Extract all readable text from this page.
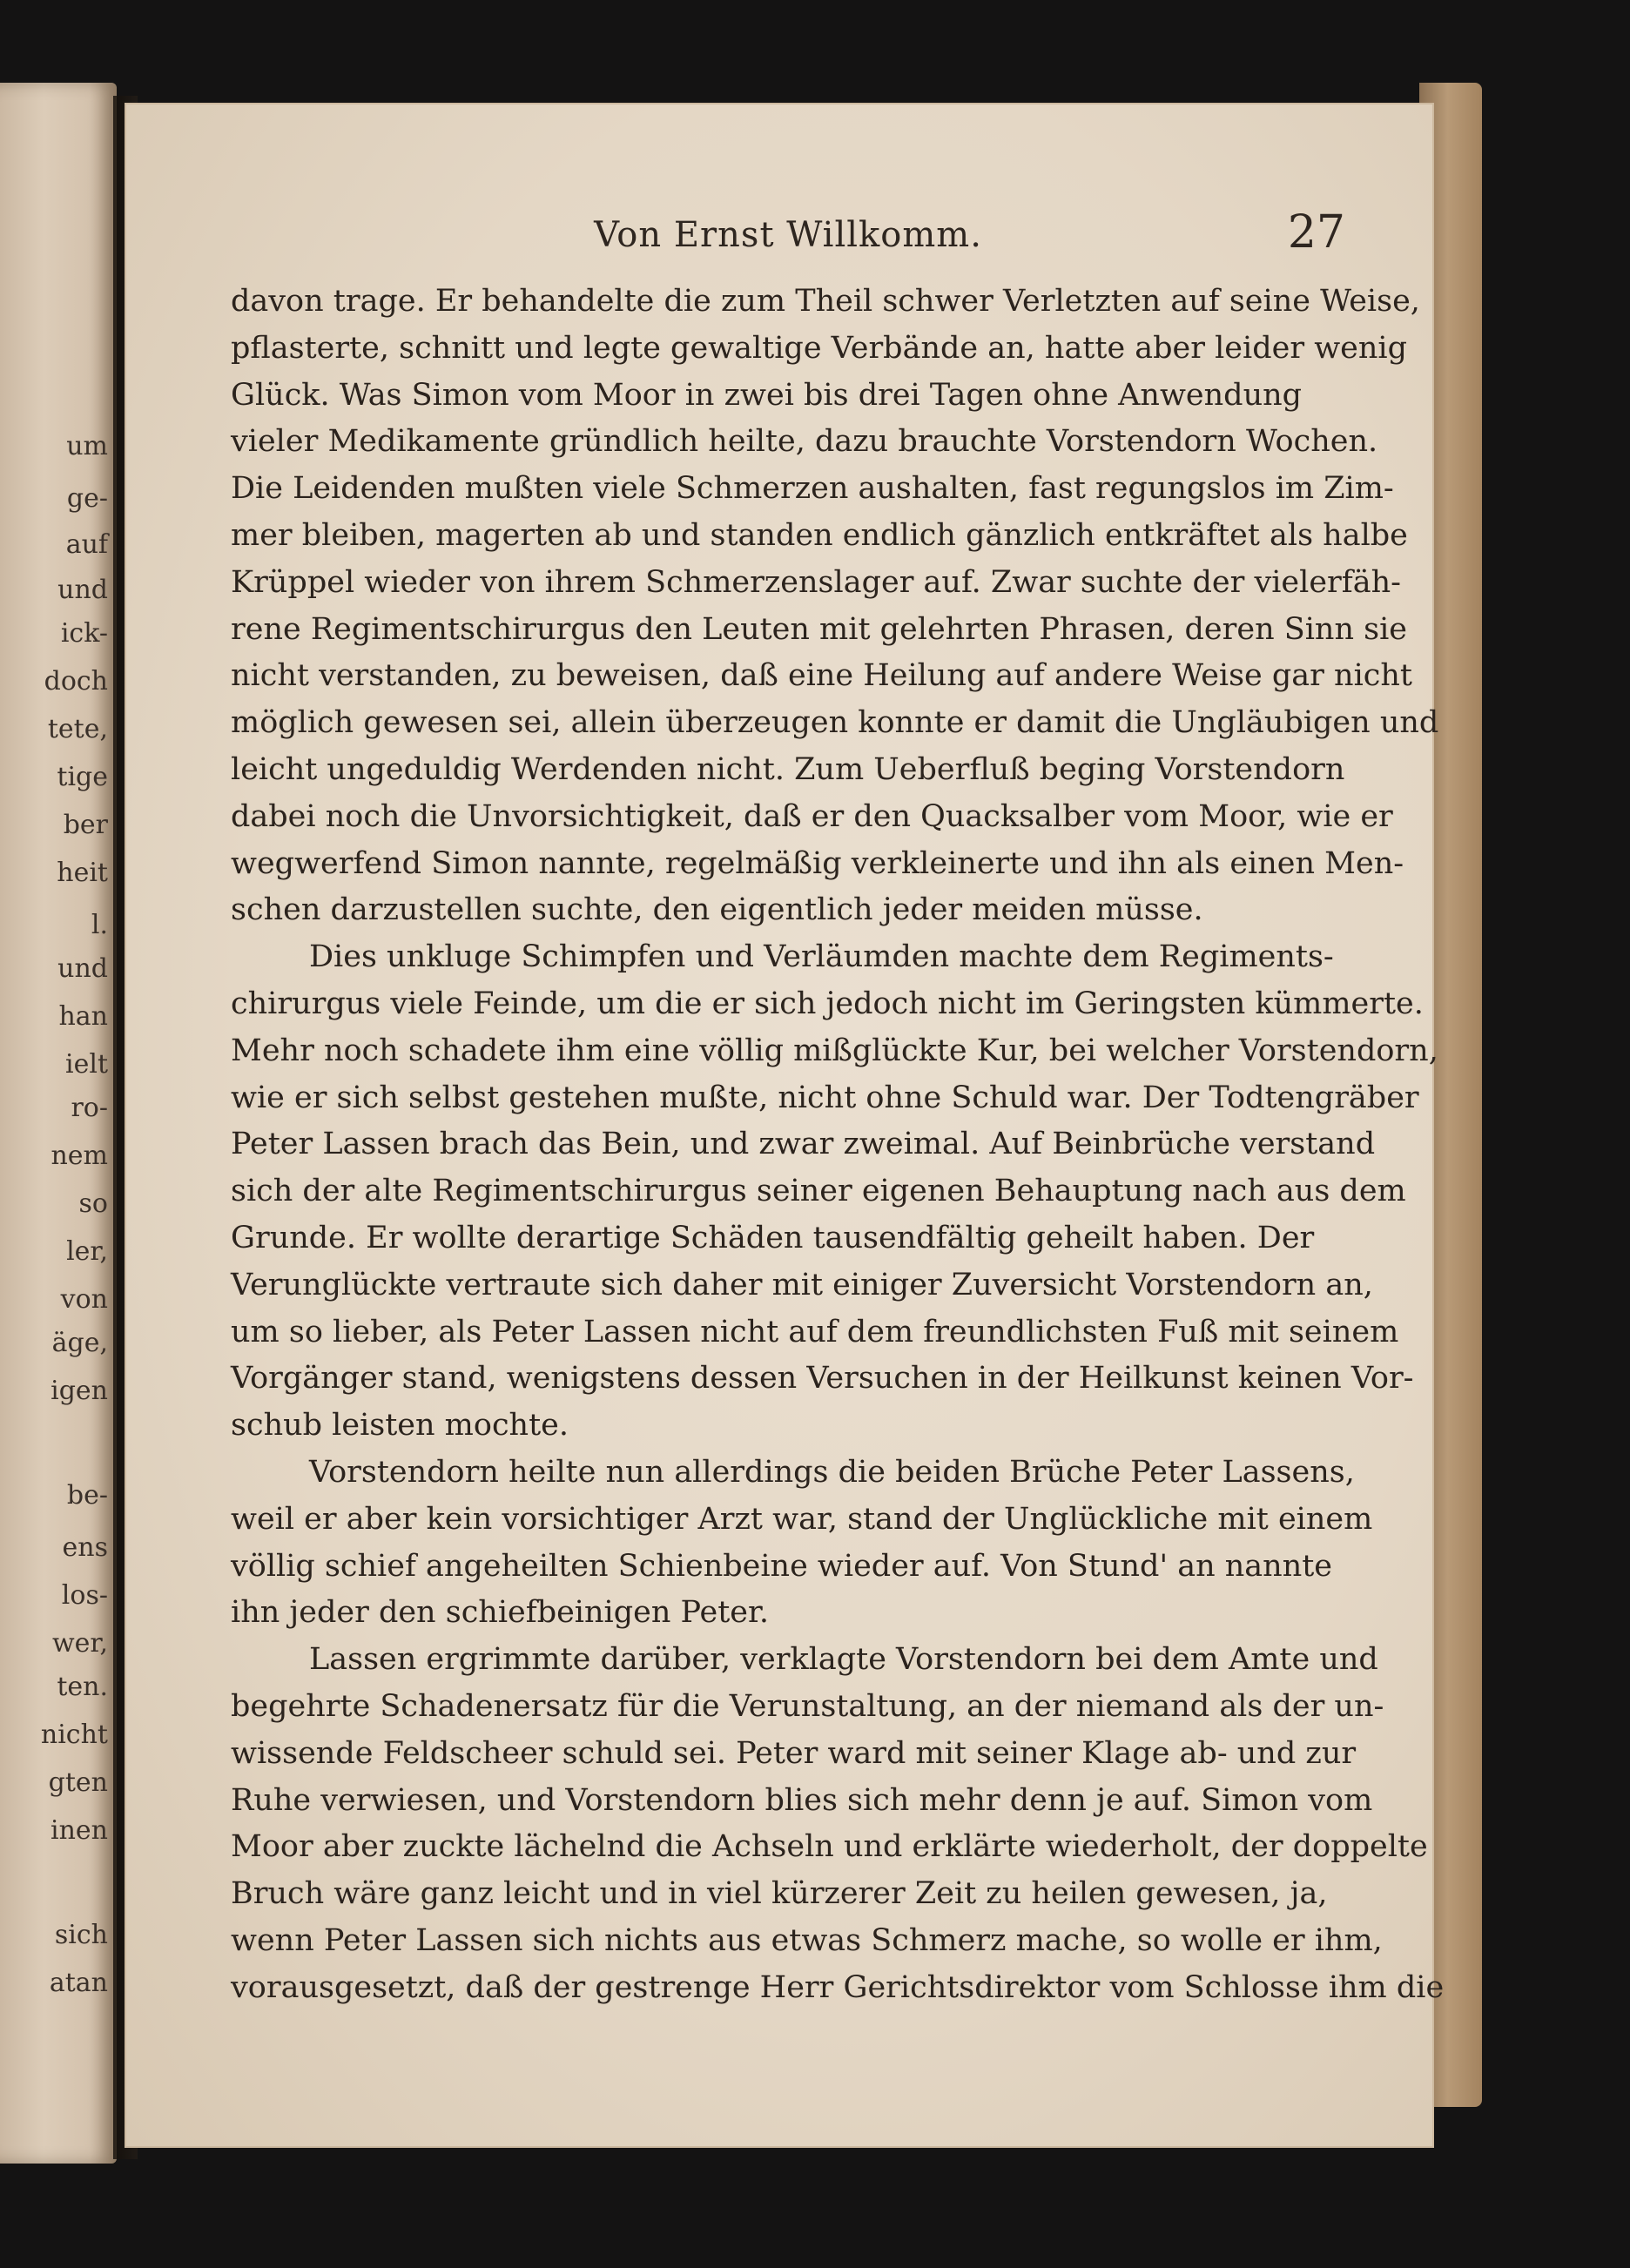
um
ge-
auf
und
ick-
doch
tete,
tige
ber
heit
l.
und
han
ielt
ro-
nem
so
ler,
von
äge,
igen
be-
ens
los-
wer,
ten.
nicht
gten
inen
sich
atan
Von Ernst Willkomm.	27
davon trage. Er behandelte die zum Theil schwer Verletzten auf seine Weise,
pflasterte, schnitt und legte gewaltige Verbände an, hatte aber leider wenig
Glück. Was Simon vom Moor in zwei bis drei Tagen ohne Anwendung
vieler Medikamente gründlich heilte, dazu brauchte Vorstendorn Wochen.
Die Leidenden mußten viele Schmerzen aushalten, fast regungslos im Zim-
mer bleiben, magerten ab und standen endlich gänzlich entkräftet als halbe
Krüppel wieder von ihrem Schmerzenslager auf. Zwar suchte der vielerfäh-
rene Regimentschirurgus den Leuten mit gelehrten Phrasen, deren Sinn sie
nicht verstanden, zu beweisen, daß eine Heilung auf andere Weise gar nicht
möglich gewesen sei, allein überzeugen konnte er damit die Ungläubigen und
leicht ungeduldig Werdenden nicht. Zum Ueberfluß beging Vorstendorn
dabei noch die Unvorsichtigkeit, daß er den Quacksalber vom Moor, wie er
wegwerfend Simon nannte, regelmäßig verkleinerte und ihn als einen Men-
schen darzustellen suchte, den eigentlich jeder meiden müsse.
Dies unkluge Schimpfen und Verläumden machte dem Regiments-
chirurgus viele Feinde, um die er sich jedoch nicht im Geringsten kümmerte.
Mehr noch schadete ihm eine völlig mißglückte Kur, bei welcher Vorstendorn,
wie er sich selbst gestehen mußte, nicht ohne Schuld war. Der Todtengräber
Peter Lassen brach das Bein, und zwar zweimal. Auf Beinbrüche verstand
sich der alte Regimentschirurgus seiner eigenen Behauptung nach aus dem
Grunde. Er wollte derartige Schäden tausendfältig geheilt haben. Der
Verunglückte vertraute sich daher mit einiger Zuversicht Vorstendorn an,
um so lieber, als Peter Lassen nicht auf dem freundlichsten Fuß mit seinem
Vorgänger stand, wenigstens dessen Versuchen in der Heilkunst keinen Vor-
schub leisten mochte.
Vorstendorn heilte nun allerdings die beiden Brüche Peter Lassens,
weil er aber kein vorsichtiger Arzt war, stand der Unglückliche mit einem
völlig schief angeheilten Schienbeine wieder auf. Von Stund' an nannte
ihn jeder den schiefbeinigen Peter.
Lassen ergrimmte darüber, verklagte Vorstendorn bei dem Amte und
begehrte Schadenersatz für die Verunstaltung, an der niemand als der un-
wissende Feldscheer schuld sei. Peter ward mit seiner Klage ab- und zur
Ruhe verwiesen, und Vorstendorn blies sich mehr denn je auf. Simon vom
Moor aber zuckte lächelnd die Achseln und erklärte wiederholt, der doppelte
Bruch wäre ganz leicht und in viel kürzerer Zeit zu heilen gewesen, ja,
wenn Peter Lassen sich nichts aus etwas Schmerz mache, so wolle er ihm,
vorausgesetzt, daß der gestrenge Herr Gerichtsdirektor vom Schlosse ihm die
